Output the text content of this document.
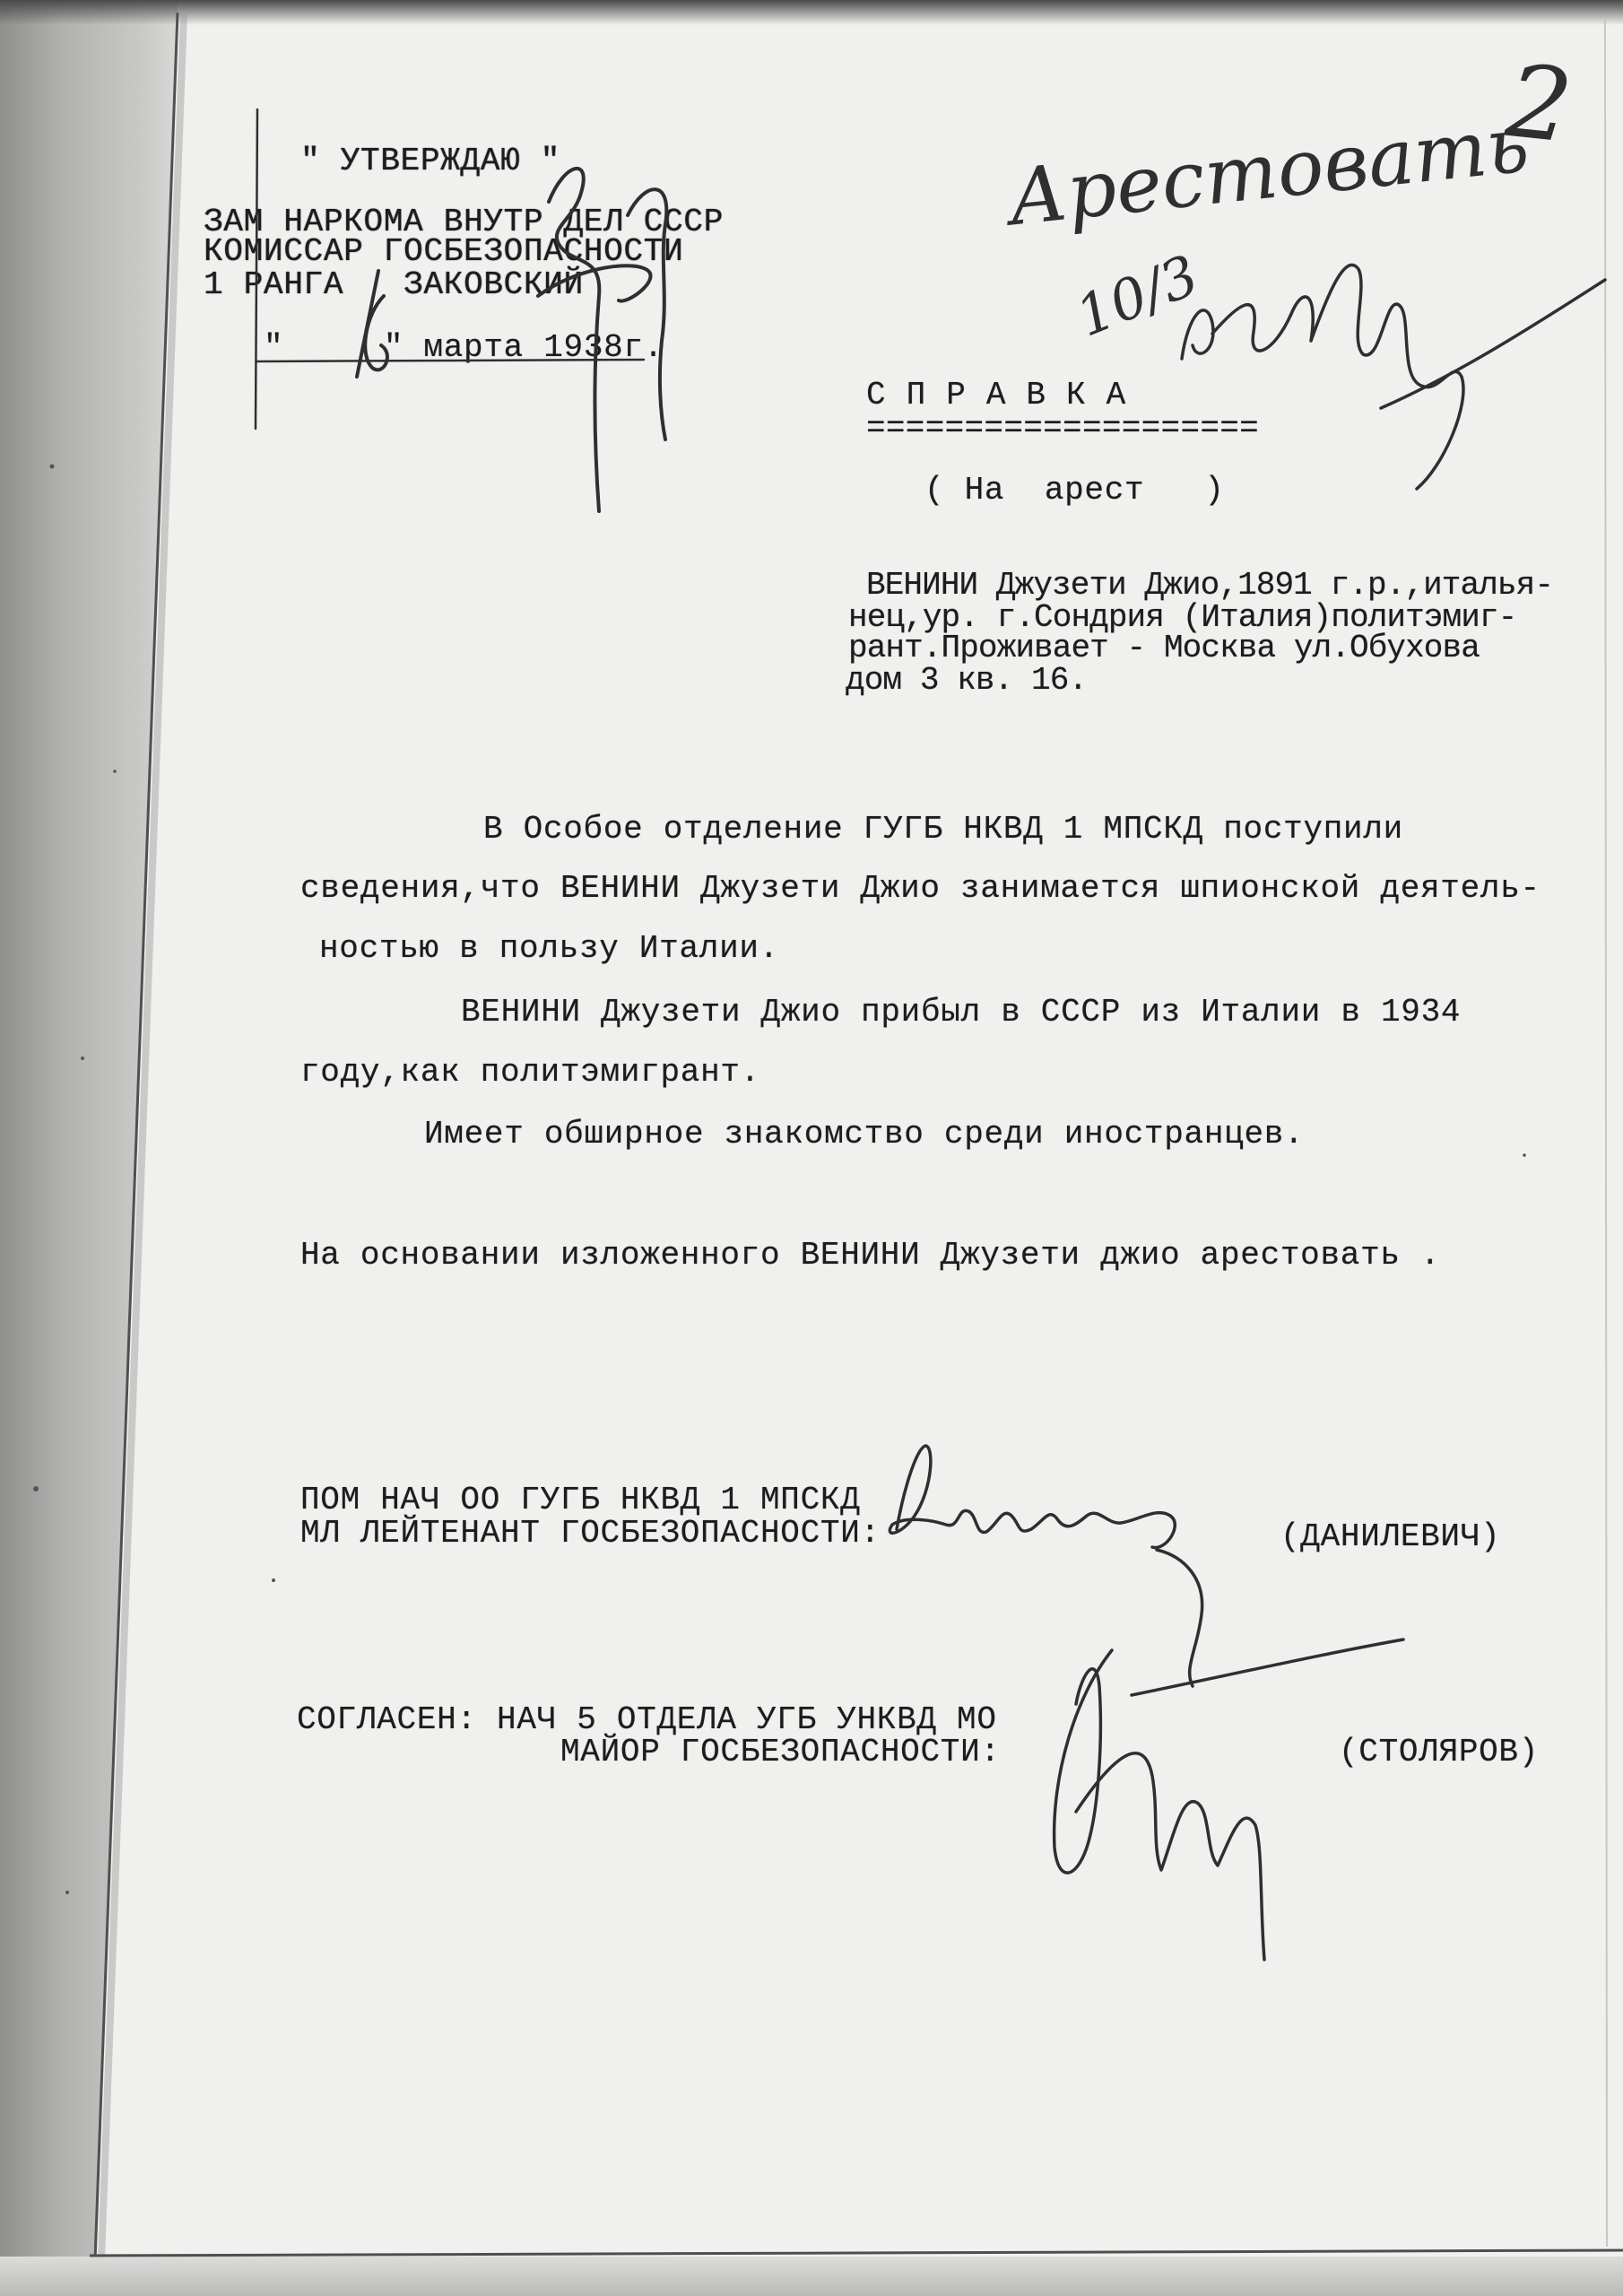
2
" УТВЕРЖДАЮ "
ЗАМ НАРКОМА ВНУТР ДЕЛ СССР
КОМИССАР ГОСБЕЗОПАСНОСТИ
1 РАНГА   ЗАКОВСКИЙ
"     " марта 1938г.
Арестовать
10/3
С П Р А В К А
====================
( На  арест   )
ВЕНИНИ Джузети Джио,1891 г.р.,италья-
нец,ур. г.Сондрия (Италия)политэмиг-
рант.Проживает - Москва ул.Обухова
дом 3 кв. 16.
В Особое отделение ГУГБ НКВД 1 МПСКД поступили
сведения,что ВЕНИНИ Джузети Джио занимается шпионской деятель-
ностью в пользу Италии.
ВЕНИНИ Джузети Джио прибыл в СССР из Италии в 1934
году,как политэмигрант.
Имеет обширное знакомство среди иностранцев.
На основании изложенного ВЕНИНИ Джузети джио арестовать .
ПОМ НАЧ ОО ГУГБ НКВД 1 МПСКД
МЛ ЛЕЙТЕНАНТ ГОСБЕЗОПАСНОСТИ:	(ДАНИЛЕВИЧ)
СОГЛАСЕН: НАЧ 5 ОТДЕЛА УГБ УНКВД МО
МАЙОР ГОСБЕЗОПАСНОСТИ:	(СТОЛЯРОВ)
